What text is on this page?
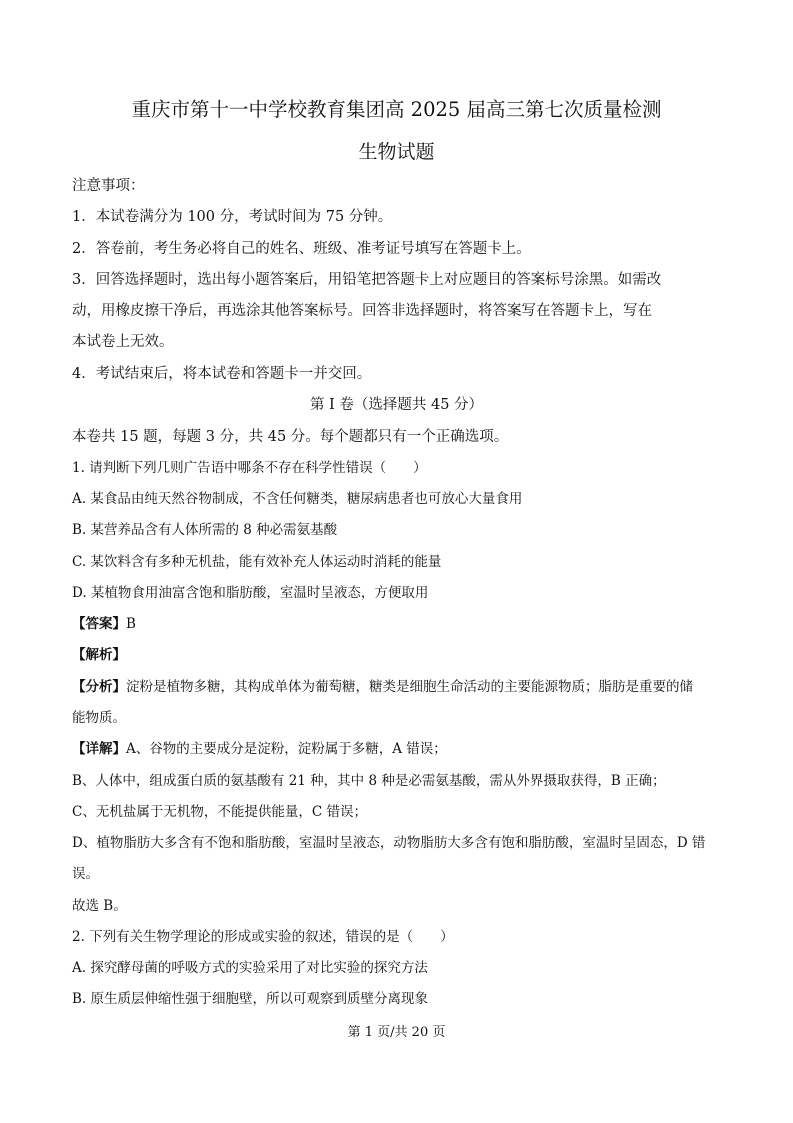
重庆市第十一中学校教育集团高 2025 届高三第七次质量检测
生物试题
注意事项：
1．本试卷满分为 100 分，考试时间为 75 分钟。
2．答卷前，考生务必将自己的姓名、班级、准考证号填写在答题卡上。
3．回答选择题时，选出每小题答案后，用铅笔把答题卡上对应题目的答案标号涂黑。如需改
动，用橡皮擦干净后，再选涂其他答案标号。回答非选择题时，将答案写在答题卡上，写在
本试卷上无效。
4．考试结束后，将本试卷和答题卡一并交回。
第 I 卷（选择题共 45 分）
本卷共 15 题，每题 3 分，共 45 分。每个题都只有一个正确选项。
1. 请判断下列几则广告语中哪条不存在科学性错误（　　）
A. 某食品由纯天然谷物制成，不含任何糖类，糖尿病患者也可放心大量食用
B. 某营养品含有人体所需的 8 种必需氨基酸
C. 某饮料含有多种无机盐，能有效补充人体运动时消耗的能量
D. 某植物食用油富含饱和脂肪酸，室温时呈液态，方便取用
【答案】B
【解析】
【分析】淀粉是植物多糖，其构成单体为葡萄糖，糖类是细胞生命活动的主要能源物质；脂肪是重要的储
能物质。
【详解】A、谷物的主要成分是淀粉，淀粉属于多糖，A 错误；
B、人体中，组成蛋白质的氨基酸有 21 种，其中 8 种是必需氨基酸，需从外界摄取获得，B 正确；
C、无机盐属于无机物，不能提供能量，C 错误；
D、植物脂肪大多含有不饱和脂肪酸，室温时呈液态，动物脂肪大多含有饱和脂肪酸，室温时呈固态，D 错
误。
故选 B。
2. 下列有关生物学理论的形成或实验的叙述，错误的是（　　）
A. 探究酵母菌的呼吸方式的实验采用了对比实验的探究方法
B. 原生质层伸缩性强于细胞壁，所以可观察到质壁分离现象
第 1 页/共 20 页
